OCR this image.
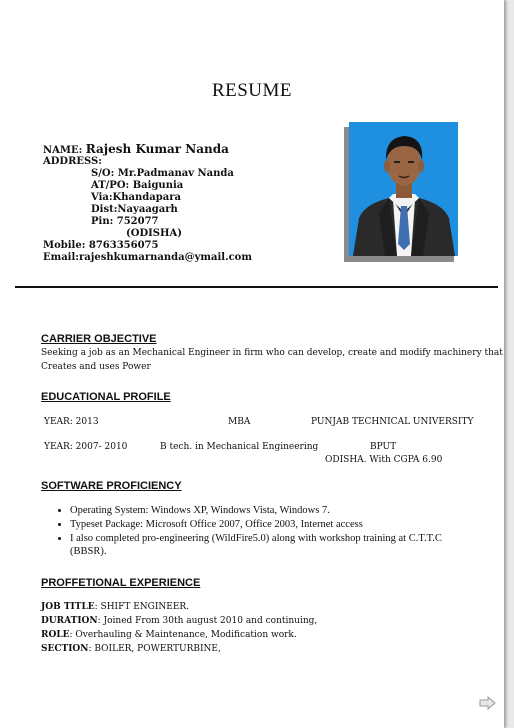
RESUME
NAME: Rajesh Kumar Nanda
ADDRESS:
S/O: Mr.Padmanav Nanda
AT/PO: Baigunia
Via:Khandapara
Dist:Nayaagarh
Pin: 752077
(ODISHA)
Mobile: 8763356075
Email:rajeshkumarnanda@ymail.com
CARRIER OBJECTIVE
Seeking a job as an Mechanical Engineer in firm who can develop, create and modify machinery that
Creates and uses Power
EDUCATIONAL PROFILE
YEAR: 2013	MBA	PUNJAB TECHNICAL UNIVERSITY
YEAR: 2007- 2010	B tech. in Mechanical Engineering	BPUT
ODISHA. With CGPA 6.90
SOFTWARE PROFICIENCY
• Operating System: Windows XP, Windows Vista, Windows 7.
• Typeset Package: Microsoft Office 2007, Office 2003, Internet access
• I also completed pro-engineering (WildFire5.0) along with workshop training at C.T.T.C (BBSR).
PROFFETIONAL EXPERIENCE
JOB TITLE: SHIFT ENGINEER.
DURATION: Joined From 30th august 2010 and continuing,
ROLE: Overhauling & Maintenance, Modification work.
SECTION: BOILER, POWERTURBINE,
